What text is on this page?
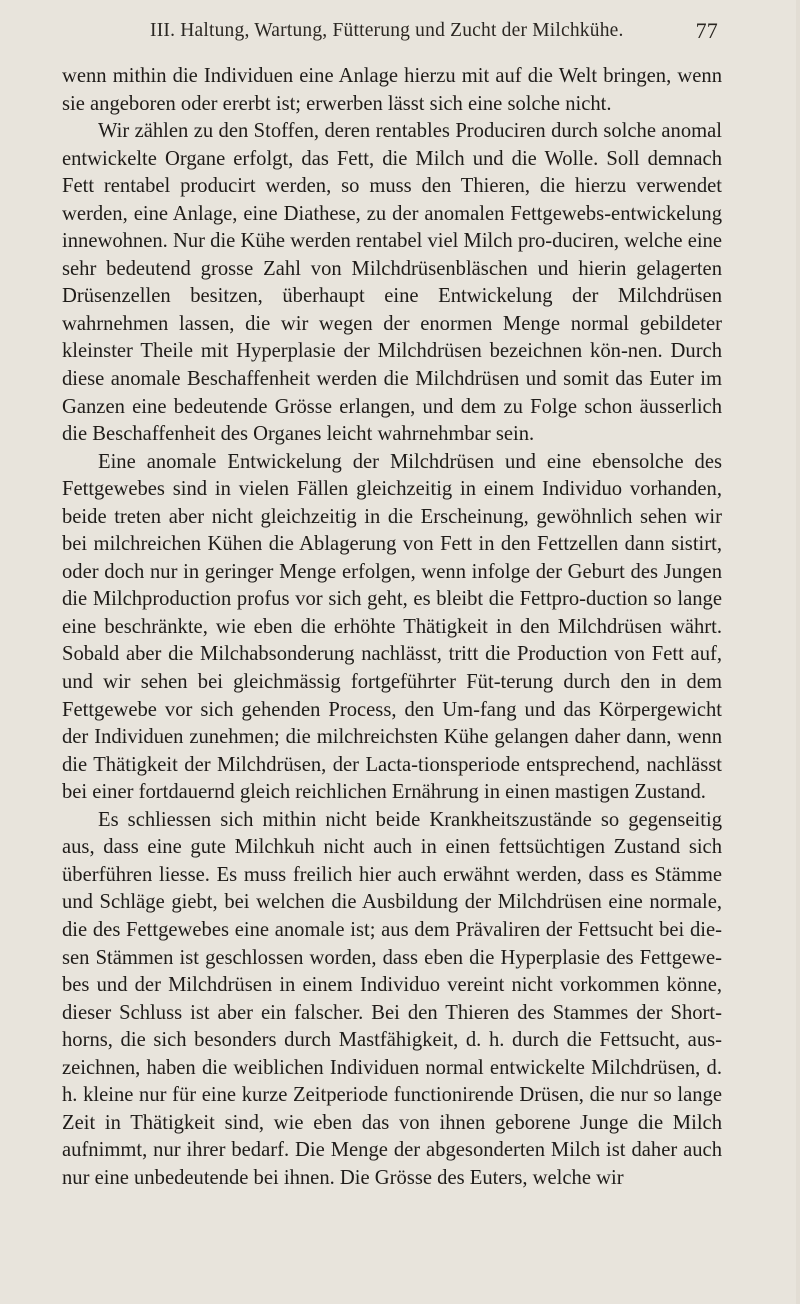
III. Haltung, Wartung, Fütterung und Zucht der Milchkühe.	77

wenn mithin die Individuen eine Anlage hierzu mit auf die Welt bringen, wenn sie angeboren oder ererbt ist; erwerben lässt sich eine solche nicht.

Wir zählen zu den Stoffen, deren rentables Produciren durch solche anomal entwickelte Organe erfolgt, das Fett, die Milch und die Wolle. Soll demnach Fett rentabel producirt werden, so muss den Thieren, die hierzu verwendet werden, eine Anlage, eine Diathese, zu der anomalen Fettgewebs-entwickelung innewohnen. Nur die Kühe werden rentabel viel Milch pro-duciren, welche eine sehr bedeutend grosse Zahl von Milchdrüsenbläschen und hierin gelagerten Drüsenzellen besitzen, überhaupt eine Entwickelung der Milchdrüsen wahrnehmen lassen, die wir wegen der enormen Menge normal gebildeter kleinster Theile mit Hyperplasie der Milchdrüsen bezeichnen kön-nen. Durch diese anomale Beschaffenheit werden die Milchdrüsen und somit das Euter im Ganzen eine bedeutende Grösse erlangen, und dem zu Folge schon äusserlich die Beschaffenheit des Organes leicht wahrnehmbar sein.

Eine anomale Entwickelung der Milchdrüsen und eine ebensolche des Fettgewebes sind in vielen Fällen gleichzeitig in einem Individuo vorhanden, beide treten aber nicht gleichzeitig in die Erscheinung, gewöhnlich sehen wir bei milchreichen Kühen die Ablagerung von Fett in den Fettzellen dann sistirt, oder doch nur in geringer Menge erfolgen, wenn infolge der Geburt des Jungen die Milchproduction profus vor sich geht, es bleibt die Fettpro-duction so lange eine beschränkte, wie eben die erhöhte Thätigkeit in den Milchdrüsen währt. Sobald aber die Milchabsonderung nachlässt, tritt die Production von Fett auf, und wir sehen bei gleichmässig fortgeführter Füt-terung durch den in dem Fettgewebe vor sich gehenden Process, den Um-fang und das Körpergewicht der Individuen zunehmen; die milchreichsten Kühe gelangen daher dann, wenn die Thätigkeit der Milchdrüsen, der Lacta-tionsperiode entsprechend, nachlässt bei einer fortdauernd gleich reichlichen Ernährung in einen mastigen Zustand.

Es schliessen sich mithin nicht beide Krankheitszustände so gegenseitig aus, dass eine gute Milchkuh nicht auch in einen fettsüchtigen Zustand sich überführen liesse. Es muss freilich hier auch erwähnt werden, dass es Stämme und Schläge giebt, bei welchen die Ausbildung der Milchdrüsen eine normale, die des Fettgewebes eine anomale ist; aus dem Prävaliren der Fettsucht bei die-sen Stämmen ist geschlossen worden, dass eben die Hyperplasie des Fettgewe-bes und der Milchdrüsen in einem Individuo vereint nicht vorkommen könne, dieser Schluss ist aber ein falscher. Bei den Thieren des Stammes der Short-horns, die sich besonders durch Mastfähigkeit, d. h. durch die Fettsucht, aus-zeichnen, haben die weiblichen Individuen normal entwickelte Milchdrüsen, d. h. kleine nur für eine kurze Zeitperiode functionirende Drüsen, die nur so lange Zeit in Thätigkeit sind, wie eben das von ihnen geborene Junge die Milch aufnimmt, nur ihrer bedarf. Die Menge der abgesonderten Milch ist daher auch nur eine unbedeutende bei ihnen. Die Grösse des Euters, welche wir
